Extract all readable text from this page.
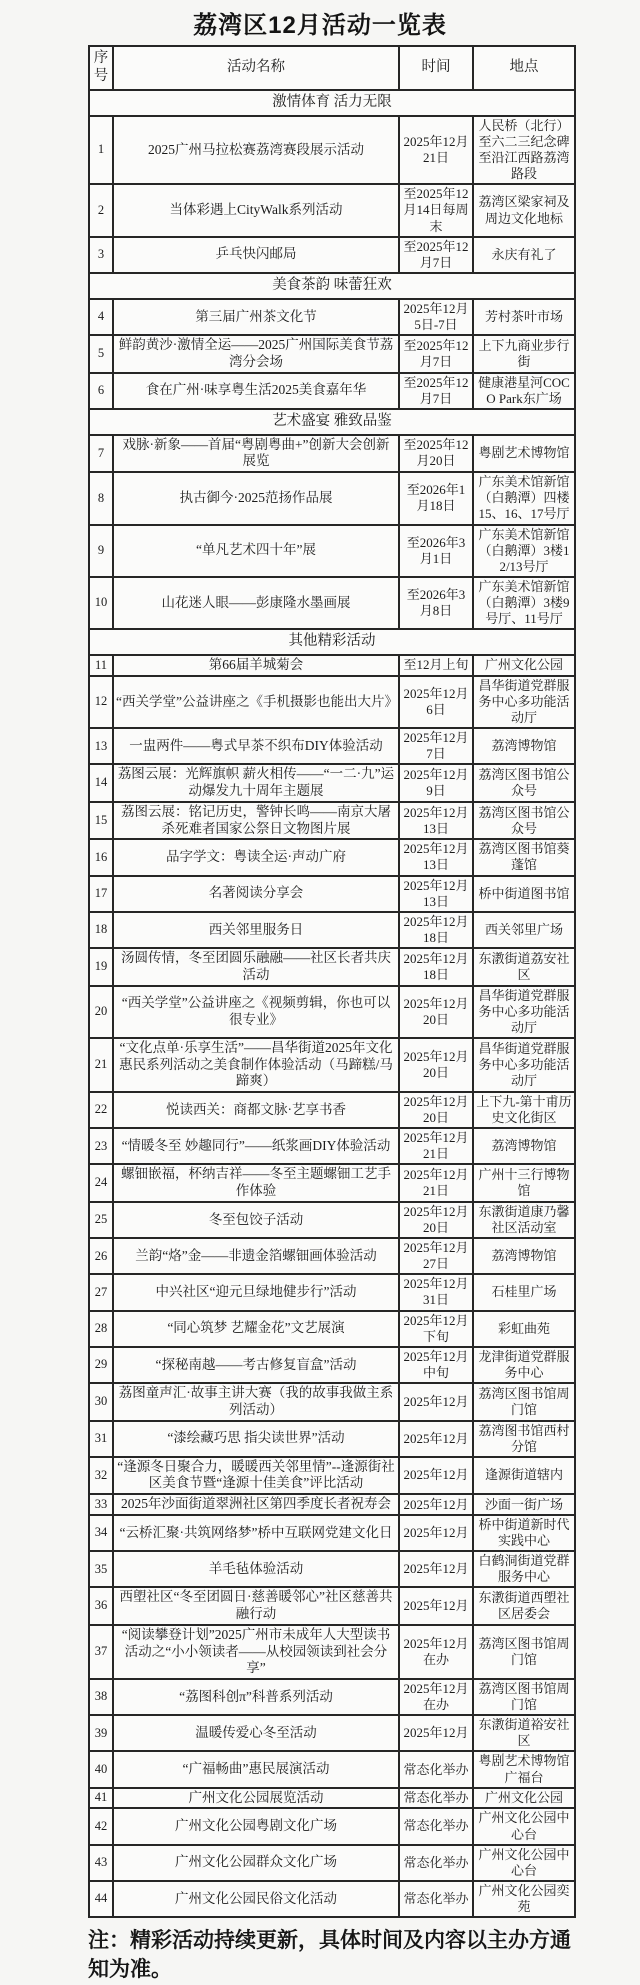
荔湾区12月活动一览表
序号	活动名称	时间	地点
激情体育 活力无限			
1	2025广州马拉松赛荔湾赛段展示活动	2025年12月21日	人民桥（北行）至六二三纪念碑至沿江西路荔湾路段
2	当体彩遇上CityWalk系列活动	至2025年12月14日每周末	荔湾区梁家祠及周边文化地标
3	乒乓快闪邮局	至2025年12月7日	永庆有礼了
美食茶韵 味蕾狂欢			
4	第三届广州茶文化节	2025年12月5日-7日	芳村茶叶市场
5	鲜韵黄沙·激情全运——2025广州国际美食节荔湾分会场	至2025年12月7日	上下九商业步行街
6	食在广州·味享粤生活2025美食嘉年华	至2025年12月7日	健康港星河COCO Park东广场
艺术盛宴 雅致品鉴			
7	戏脉·新象——首届“粤剧粤曲+”创新大会创新展览	至2025年12月20日	粤剧艺术博物馆
8	执古御今·2025范扬作品展	至2026年1月18日	广东美术馆新馆（白鹅潭）四楼15、16、17号厅
9	“单凡艺术四十年”展	至2026年3月1日	广东美术馆新馆（白鹅潭）3楼12/13号厅
10	山花迷人眼——彭康隆水墨画展	至2026年3月8日	广东美术馆新馆（白鹅潭）3楼9号厅、11号厅
其他精彩活动			
11	第66届羊城菊会	至12月上旬	广州文化公园
12	“西关学堂”公益讲座之《手机摄影也能出大片》	2025年12月6日	昌华街道党群服务中心多功能活动厅
13	一盅两件——粤式早茶不织布DIY体验活动	2025年12月7日	荔湾博物馆
14	荔图云展：光辉旗帜 薪火相传——“一二·九”运动爆发九十周年主题展	2025年12月9日	荔湾区图书馆公众号
15	荔图云展：铭记历史，警钟长鸣——南京大屠杀死难者国家公祭日文物图片展	2025年12月13日	荔湾区图书馆公众号
16	品字学文：粤读全运·声动广府	2025年12月13日	荔湾区图书馆葵蓬馆
17	名著阅读分享会	2025年12月13日	桥中街道图书馆
18	西关邻里服务日	2025年12月18日	西关邻里广场
19	汤圆传情，冬至团圆乐融融——社区长者共庆活动	2025年12月18日	东漖街道荔安社区
20	“西关学堂”公益讲座之《视频剪辑，你也可以很专业》	2025年12月20日	昌华街道党群服务中心多功能活动厅
21	“文化点单·乐享生活”——昌华街道2025年文化惠民系列活动之美食制作体验活动（马蹄糕/马蹄爽）	2025年12月20日	昌华街道党群服务中心多功能活动厅
22	悦读西关：商都文脉·艺享书香	2025年12月20日	上下九-第十甫历史文化街区
23	“情暖冬至 妙趣同行”——纸浆画DIY体验活动	2025年12月21日	荔湾博物馆
24	螺钿嵌福，杯纳吉祥——冬至主题螺钿工艺手作体验	2025年12月21日	广州十三行博物馆
25	冬至包饺子活动	2025年12月20日	东漖街道康乃馨社区活动室
26	兰韵“烙”金——非遗金箔螺钿画体验活动	2025年12月27日	荔湾博物馆
27	中兴社区“迎元旦绿地健步行”活动	2025年12月31日	石桂里广场
28	“同心筑梦 艺耀金花”文艺展演	2025年12月下旬	彩虹曲苑
29	“探秘南越——考古修复盲盒”活动	2025年12月中旬	龙津街道党群服务中心
30	荔图童声汇·故事主讲大赛（我的故事我做主系列活动）	2025年12月	荔湾区图书馆周门馆
31	“漆绘藏巧思 指尖读世界”活动	2025年12月	荔湾图书馆西村分馆
32	“逢源冬日聚合力，暖暖西关邻里情”--逢源街社区美食节暨“逢源十佳美食”评比活动	2025年12月	逢源街道辖内
33	2025年沙面街道翠洲社区第四季度长者祝寿会	2025年12月	沙面一街广场
34	“云桥汇聚·共筑网络梦”桥中互联网党建文化日	2025年12月	桥中街道新时代实践中心
35	羊毛毡体验活动	2025年12月	白鹤洞街道党群服务中心
36	西塱社区“冬至团圆日·慈善暖邻心”社区慈善共融行动	2025年12月	东漖街道西塱社区居委会
37	“阅读攀登计划”2025广州市未成年人大型读书活动之“小小领读者——从校园领读到社会分享”	2025年12月在办	荔湾区图书馆周门馆
38	“荔图科创π”科普系列活动	2025年12月在办	荔湾区图书馆周门馆
39	温暖传爱心冬至活动	2025年12月	东漖街道裕安社区
40	“广福畅曲”惠民展演活动	常态化举办	粤剧艺术博物馆 广福台
41	广州文化公园展览活动	常态化举办	广州文化公园
42	广州文化公园粤剧文化广场	常态化举办	广州文化公园中心台
43	广州文化公园群众文化广场	常态化举办	广州文化公园中心台
44	广州文化公园民俗文化活动	常态化举办	广州文化公园奕苑

注：精彩活动持续更新，具体时间及内容以主办方通知为准。
